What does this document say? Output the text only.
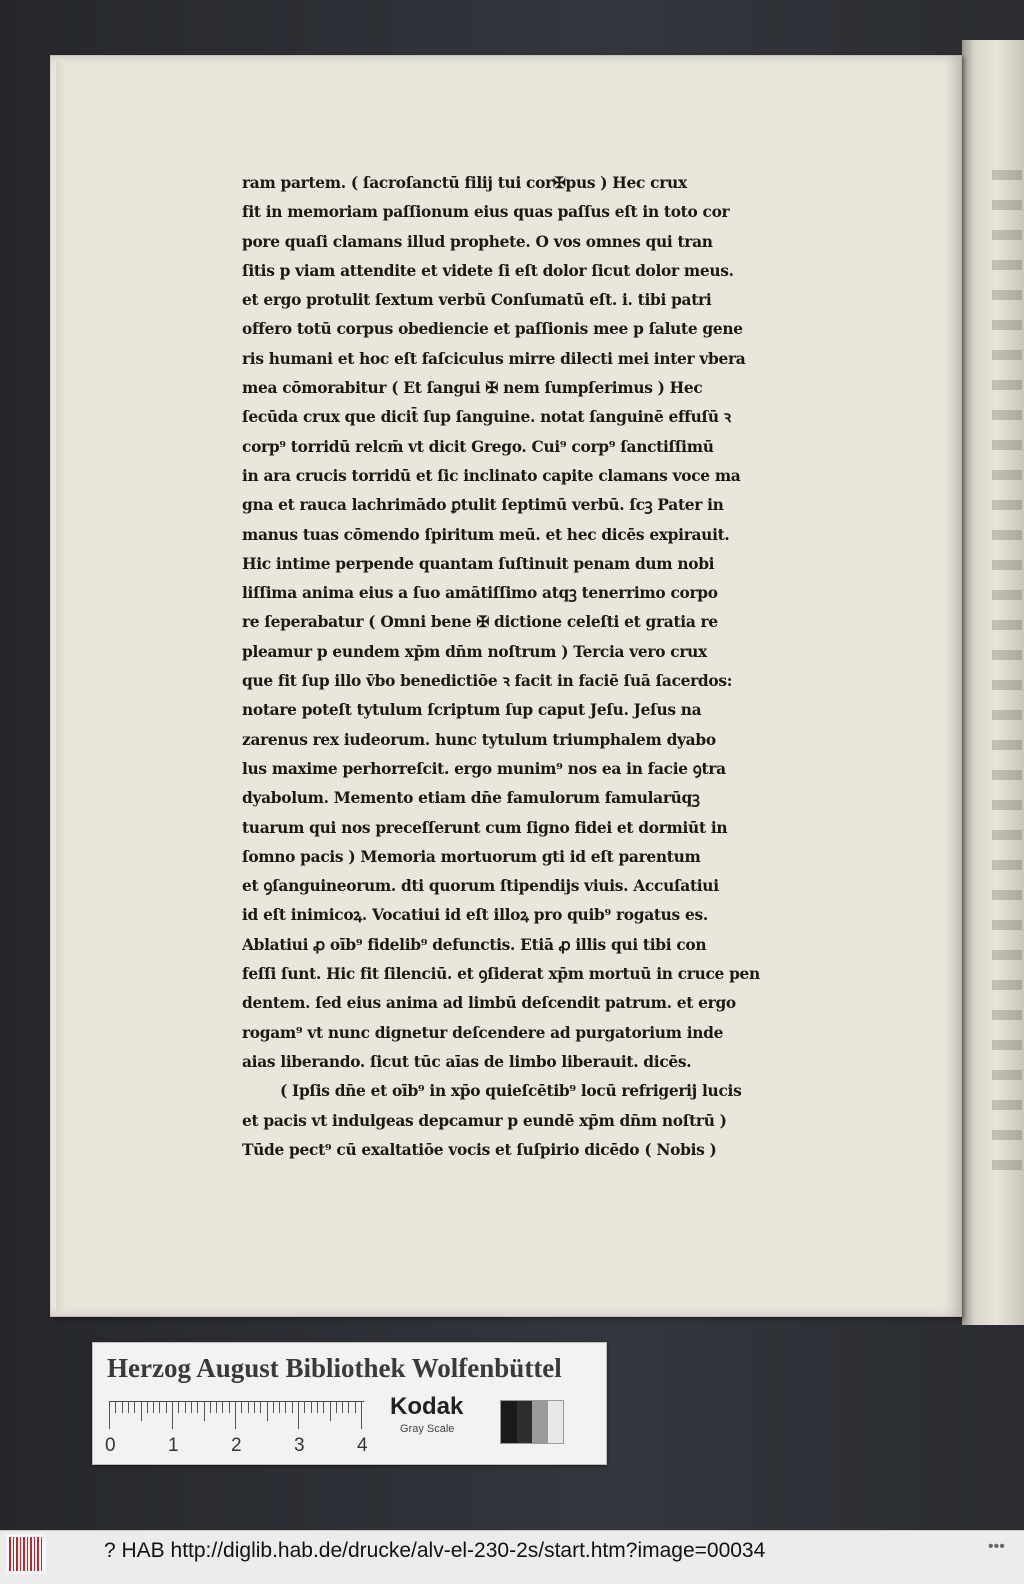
ram partem. ( ſacroſanctū filij tui cor✠pus ) Hec crux
fit in memoriam paſſionum eius quas paſſus eſt in toto cor
pore quaſi clamans illud prophete. O vos omnes qui tran
ſitis p viam attendite et videte ſi eſt dolor ſicut dolor meus.
et ergo protulit ſextum verbū Conſumatū eſt. i. tibi patri
offero totū corpus obediencie et paſſionis mee p ſalute gene
ris humani et hoc eſt faſciculus mirre dilecti mei inter vbera
mea cōmorabitur ( Et ſangui ✠ nem ſumpſerimus ) Hec
ſecūda crux que dicit̄ ſup ſanguine. notat ſanguinē effuſū ꝛ
corp⁹ torridū relcm̄ vt dicit Grego. Cui⁹ corp⁹ ſanctiſſimū
in ara crucis torridū et ſic inclinato capite clamans voce ma
gna et rauca lachrimādo ꝑtulit ſeptimū verbū. ſcꝫ Pater in
manus tuas cōmendo ſpiritum meū. et hec dicēs expirauit.
Hic intime perpende quantam ſuſtinuit penam dum nobi
liſſima anima eius a ſuo amātiſſimo atqꝫ tenerrimo corpo
re ſeperabatur ( Omni bene ✠ dictione celeſti et gratia re
pleamur p eundem xp̄m dn̄m noſtrum ) Tercia vero crux
que fit ſup illo v̄bo benedictiōe ꝛ facit in faciē ſuā ſacerdos:
notare poteſt tytulum ſcriptum ſup caput Jeſu. Jeſus na
zarenus rex iudeorum. hunc tytulum triumphalem dyabo
lus maxime perhorreſcit. ergo munim⁹ nos ea in facie ꝯtra
dyabolum. Memento etiam dn̄e famulorum famularūqꝫ
tuarum qui nos preceſſerunt cum ſigno fidei et dormiūt in
ſomno pacis ) Memoria mortuorum gti id eſt parentum
et ꝯſanguineorum. dti quorum ſtipendijs viuis. Accuſatiui
id eſt inimicoꝝ. Vocatiui id eſt illoꝝ pro quib⁹ rogatus es.
Ablatiui ꝓ oīb⁹ fidelib⁹ defunctis. Etiā ꝓ illis qui tibi con
feſſi ſunt. Hic fit ſilenciū. et ꝯſiderat xp̄m mortuū in cruce pen
dentem. ſed eius anima ad limbū deſcendit patrum. et ergo
rogam⁹ vt nunc dignetur deſcendere ad purgatorium inde
aias liberando. ſicut tūc aīas de limbo liberauit. dicēs.
( Ipſis dn̄e et oīb⁹ in xp̄o quieſcētib⁹ locū refrigerij lucis
et pacis vt indulgeas depcamur p eundē xp̄m dn̄m noſtrū )
Tūde pect⁹ cū exaltatiōe vocis et ſuſpirio dicēdo ( Nobis )
Herzog August Bibliothek Wolfenbüttel
0	1	2	3	4
Kodak
Gray Scale
? HAB http://diglib.hab.de/drucke/alv-el-230-2s/start.htm?image=00034	•••
